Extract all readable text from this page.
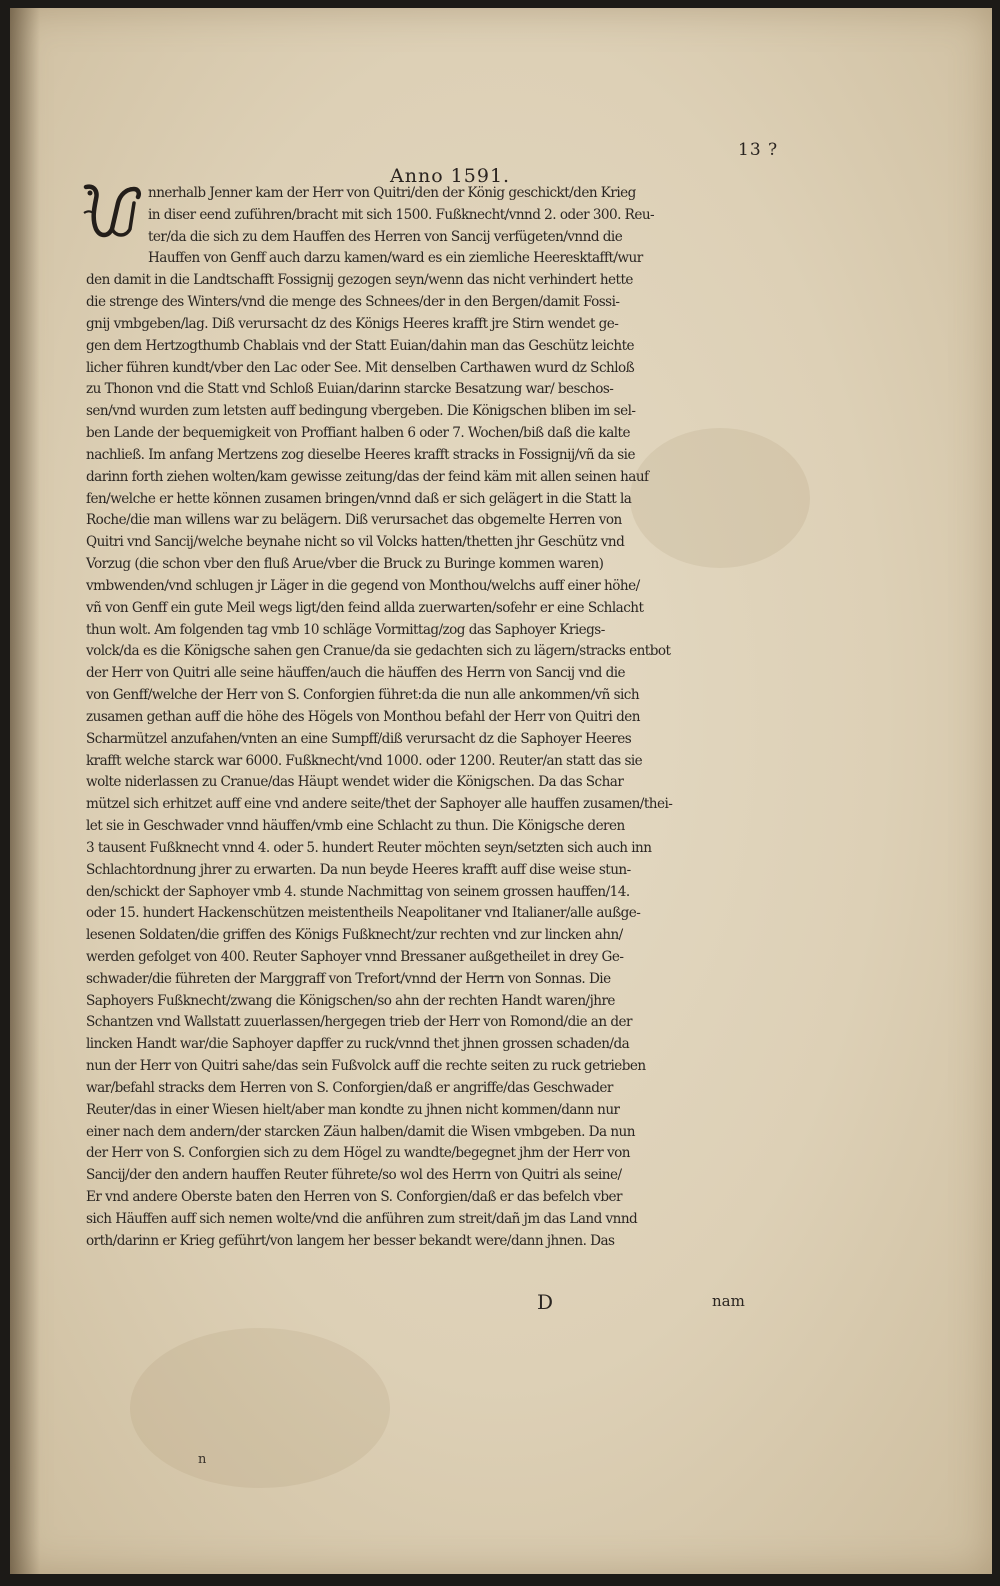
13 ?
Anno 1591.
nnerhalb Jenner kam der Herr von Quitri/den der König geschickt/den Krieg
in diser eend zuführen/bracht mit sich 1500. Fußknecht/vnnd 2. oder 300. Reu-
ter/da die sich zu dem Hauffen des Herren von Sancij verfügeten/vnnd die
Hauffen von Genff auch darzu kamen/ward es ein ziemliche Heeresktafft/wur
den damit in die Landtschafft Fossignij gezogen seyn/wenn das nicht verhindert hette
die strenge des Winters/vnd die menge des Schnees/der in den Bergen/damit Fossi-
gnij vmbgeben/lag. Diß verursacht dz des Königs Heeres krafft jre Stirn wendet ge-
gen dem Hertzogthumb Chablais vnd der Statt Euian/dahin man das Geschütz leichte
licher führen kundt/vber den Lac oder See. Mit denselben Carthawen wurd dz Schloß
zu Thonon vnd die Statt vnd Schloß Euian/darinn starcke Besatzung war/ beschos-
sen/vnd wurden zum letsten auff bedingung vbergeben. Die Königschen bliben im sel-
ben Lande der bequemigkeit von Proffiant halben 6 oder 7. Wochen/biß daß die kalte
nachließ. Im anfang Mertzens zog dieselbe Heeres krafft stracks in Fossignij/vñ da sie
darinn forth ziehen wolten/kam gewisse zeitung/das der feind käm mit allen seinen hauf
fen/welche er hette können zusamen bringen/vnnd daß er sich gelägert in die Statt la
Roche/die man willens war zu belägern. Diß verursachet das obgemelte Herren von
Quitri vnd Sancij/welche beynahe nicht so vil Volcks hatten/thetten jhr Geschütz vnd
Vorzug (die schon vber den fluß Arue/vber die Bruck zu Buringe kommen waren)
vmbwenden/vnd schlugen jr Läger in die gegend von Monthou/welchs auff einer höhe/
vñ von Genff ein gute Meil wegs ligt/den feind allda zuerwarten/sofehr er eine Schlacht
thun wolt. Am folgenden tag vmb 10 schläge Vormittag/zog das Saphoyer Kriegs-
volck/da es die Königsche sahen gen Cranue/da sie gedachten sich zu lägern/stracks entbot
der Herr von Quitri alle seine häuffen/auch die häuffen des Herrn von Sancij vnd die
von Genff/welche der Herr von S. Conforgien führet:da die nun alle ankommen/vñ sich
zusamen gethan auff die höhe des Högels von Monthou befahl der Herr von Quitri den
Scharmützel anzufahen/vnten an eine Sumpff/diß verursacht dz die Saphoyer Heeres
krafft welche starck war 6000. Fußknecht/vnd 1000. oder 1200. Reuter/an statt das sie
wolte niderlassen zu Cranue/das Häupt wendet wider die Königschen. Da das Schar
mützel sich erhitzet auff eine vnd andere seite/thet der Saphoyer alle hauffen zusamen/thei-
let sie in Geschwader vnnd häuffen/vmb eine Schlacht zu thun. Die Königsche deren
3 tausent Fußknecht vnnd 4. oder 5. hundert Reuter möchten seyn/setzten sich auch inn
Schlachtordnung jhrer zu erwarten. Da nun beyde Heeres krafft auff dise weise stun-
den/schickt der Saphoyer vmb 4. stunde Nachmittag von seinem grossen hauffen/14.
oder 15. hundert Hackenschützen meistentheils Neapolitaner vnd Italianer/alle außge-
lesenen Soldaten/die griffen des Königs Fußknecht/zur rechten vnd zur lincken ahn/
werden gefolget von 400. Reuter Saphoyer vnnd Bressaner außgetheilet in drey Ge-
schwader/die führeten der Marggraff von Trefort/vnnd der Herrn von Sonnas. Die
Saphoyers Fußknecht/zwang die Königschen/so ahn der rechten Handt waren/jhre
Schantzen vnd Wallstatt zuuerlassen/hergegen trieb der Herr von Romond/die an der
lincken Handt war/die Saphoyer dapffer zu ruck/vnnd thet jhnen grossen schaden/da
nun der Herr von Quitri sahe/das sein Fußvolck auff die rechte seiten zu ruck getrieben
war/befahl stracks dem Herren von S. Conforgien/daß er angriffe/das Geschwader
Reuter/das in einer Wiesen hielt/aber man kondte zu jhnen nicht kommen/dann nur
einer nach dem andern/der starcken Zäun halben/damit die Wisen vmbgeben. Da nun
der Herr von S. Conforgien sich zu dem Högel zu wandte/begegnet jhm der Herr von
Sancij/der den andern hauffen Reuter führete/so wol des Herrn von Quitri als seine/
Er vnd andere Oberste baten den Herren von S. Conforgien/daß er das befelch vber
sich Häuffen auff sich nemen wolte/vnd die anführen zum streit/dañ jm das Land vnnd
orth/darinn er Krieg geführt/von langem her besser bekandt were/dann jhnen. Das
D	nam
n
